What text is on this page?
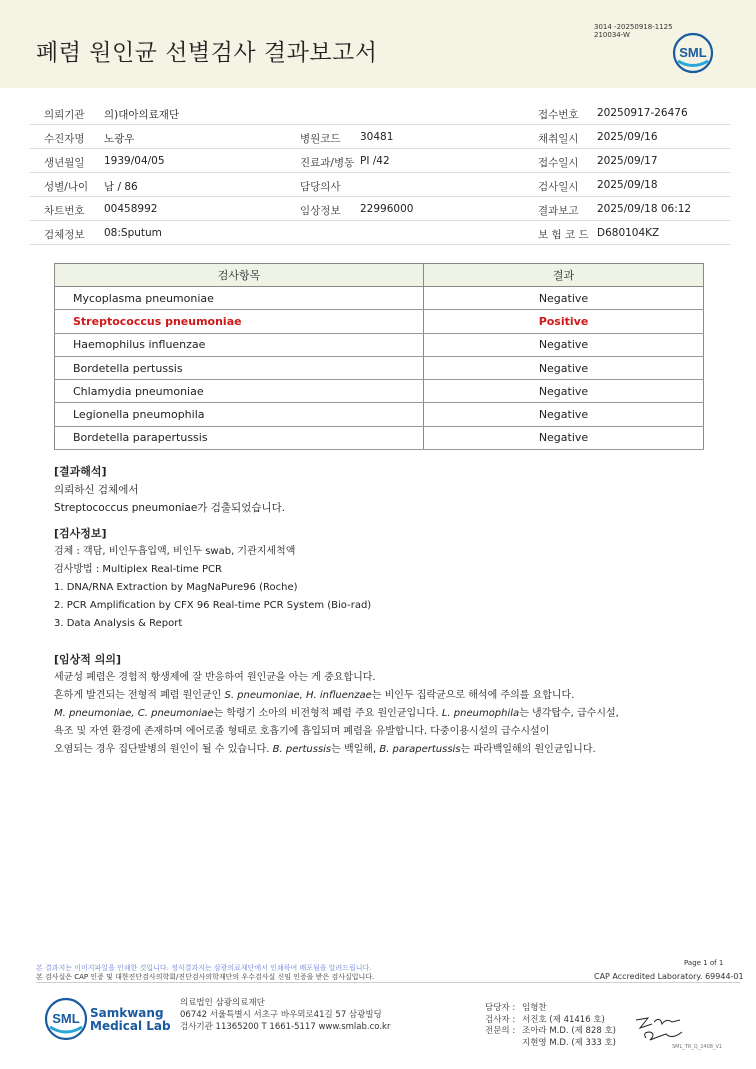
폐렴 원인균 선별검사 결과보고서
3014 -20250918-1125
210034-W
SML
의뢰기관 의)대아의료재단	접수번호 20250917-26476
수진자명 노광우	병원코드 30481	채취일시 2025/09/16
생년월일 1939/04/05	진료과/병동 PI /42	접수일시 2025/09/17
성별/나이 남 / 86	담당의사	검사일시 2025/09/18
차트번호 00458992	임상정보 22996000	결과보고 2025/09/18 06:12
검체정보 08:Sputum	보 험 코 드 D680104KZ
검사항목	결과
Mycoplasma pneumoniae	Negative
Streptococcus pneumoniae	Positive
Haemophilus influenzae	Negative
Bordetella pertussis	Negative
Chlamydia pneumoniae	Negative
Legionella pneumophila	Negative
Bordetella parapertussis	Negative
[결과해석]
의뢰하신 검체에서
Streptococcus pneumoniae가 검출되었습니다.
[검사정보]
검체 : 객담, 비인두흡입액, 비인두 swab, 기관지세척액
검사방법 : Multiplex Real-time PCR
1. DNA/RNA Extraction by MagNaPure96 (Roche)
2. PCR Amplification by CFX 96 Real-time PCR System (Bio-rad)
3. Data Analysis & Report
[임상적 의의]
세균성 폐렴은 경험적 항생제에 잘 반응하여 원인균을 아는 게 중요합니다.
흔하게 발견되는 전형적 폐렴 원인균인 S. pneumoniae, H. influenzae는 비인두 집락균으로 해석에 주의를 요합니다.
M. pneumoniae, C. pneumoniae는 학령기 소아의 비전형적 폐렴 주요 원인균입니다. L. pneumophila는 냉각탑수, 급수시설,
욕조 및 자연 환경에 존재하며 에어로졸 형태로 호흡기에 흡입되며 폐렴을 유발합니다. 다중이용시설의 급수시설이
오염되는 경우 집단발병의 원인이 될 수 있습니다. B. pertussis는 백일해, B. parapertussis는 파라백일해의 원인균입니다.
본 결과지는 이미지파일을 인쇄한 것입니다. 정식결과지는 삼광의료재단에서 인쇄하여 배포됨을 알려드립니다.
본 검사실은 CAP 인증 및 대한진단검사의학회/진단검사의학재단의 우수검사실 신임 인증을 받은 검사실입니다.
Page 1 of 1
CAP Accredited Laboratory. 69944-01
SML Samkwang
Medical Lab
의료법인 삼광의료재단
06742 서울특별시 서초구 바우뫼로41길 57 삼광빌딩
검사기관 11365200 T 1661-5117 www.smlab.co.kr
담당자 : 임형찬
검사자 : 서진호 (제 41416 호)
전문의 : 조아라 M.D. (제 828 호)
지현영 M.D. (제 333 호)	SML_TR_Q_2408_V1
